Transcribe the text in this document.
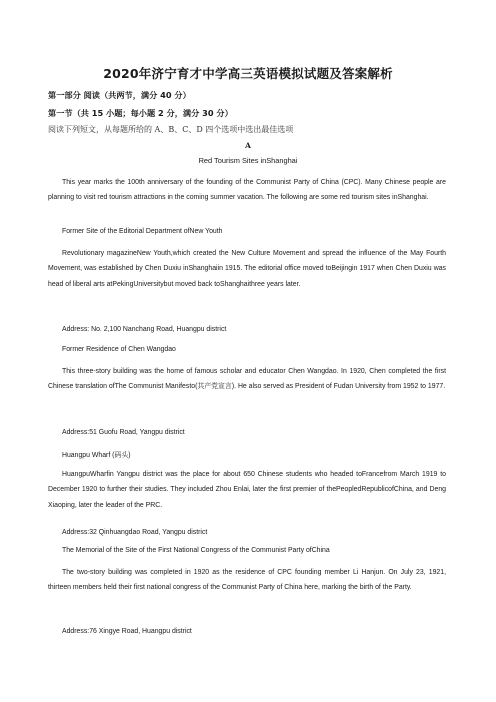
2020年济宁育才中学高三英语模拟试题及答案解析
第一部分 阅读（共两节，满分 40 分）
第一节（共 15 小题；每小题 2 分，满分 30 分）
阅读下列短文，从每题所给的 A、B、C、D 四个选项中选出最佳选项
A
Red Tourism Sites inShanghai

This year marks the 100th anniversary of the founding of the Communist Party of China (CPC). Many Chinese people are planning to visit red tourism attractions in the coming summer vacation. The following are some red tourism sites inShanghai.

Former Site of the Editorial Department ofNew Youth

Revolutionary magazineNew Youth,which created the New Culture Movement and spread the influence of the May Fourth Movement, was established by Chen Duxiu inShanghaiin 1915. The editorial office moved toBeijingin 1917 when Chen Duxiu was head of liberal arts atPekingUniversitybut moved back toShanghaithree years later.

Address: No. 2,100 Nanchang Road, Huangpu district
Former Residence of Chen Wangdao

This three-story building was the home of famous scholar and educator Chen Wangdao. In 1920, Chen completed the first Chinese translation ofThe Communist Manifesto(共产党宣言). He also served as President of Fudan University from 1952 to 1977.

Address:51 Guofu Road, Yangpu district
Huangpu Wharf (码头)

HuangpuWharfin Yangpu district was the place for about 650 Chinese students who headed toFrancefrom March 1919 to December 1920 to further their studies. They included Zhou Enlai, later the first premier of thePeopledRepublicofChina, and Deng Xiaoping, later the leader of the PRC.

Address:32 Qinhuangdao Road, Yangpu district
The Memorial of the Site of the First National Congress of the Communist Party ofChina

The two-story building was completed in 1920 as the residence of CPC founding member Li Hanjun. On July 23, 1921, thirteen members held their first national congress of the Communist Party of China here, marking the birth of the Party.

Address:76 Xingye Road, Huangpu district
